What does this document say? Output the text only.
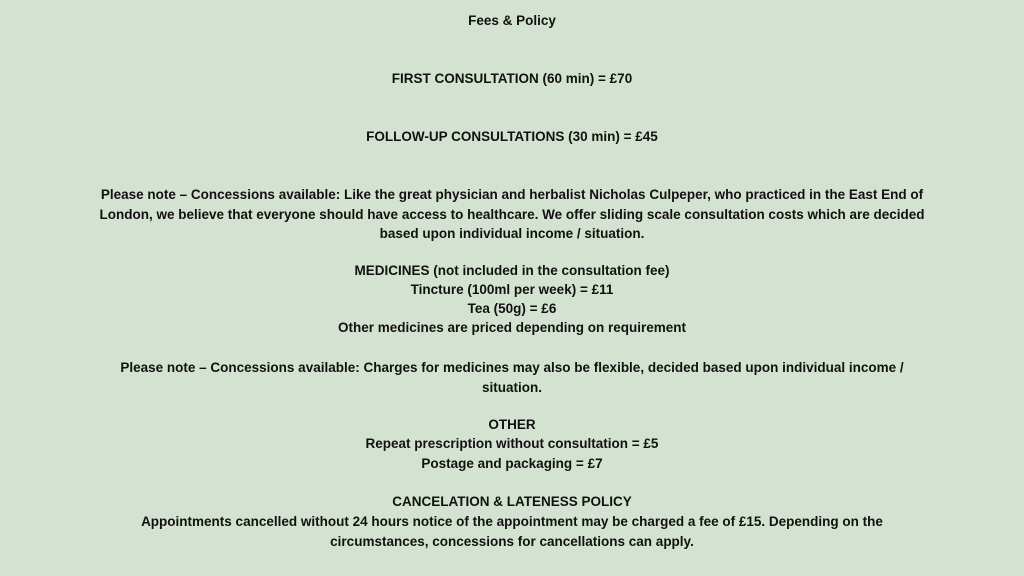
Fees & Policy
FIRST CONSULTATION (60 min) = £70
FOLLOW-UP CONSULTATIONS (30 min) = £45
Please note – Concessions available: Like the great physician and herbalist Nicholas Culpeper, who practiced in the East End of London, we believe that everyone should have access to healthcare. We offer sliding scale consultation costs which are decided based upon individual income / situation.
MEDICINES (not included in the consultation fee)
Tincture (100ml per week) = £11
Tea (50g) = £6
Other medicines are priced depending on requirement
Please note – Concessions available: Charges for medicines may also be flexible, decided based upon individual income / situation.
OTHER
Repeat prescription without consultation = £5
Postage and packaging = £7
CANCELATION & LATENESS POLICY
Appointments cancelled without 24 hours notice of the appointment may be charged a fee of £15. Depending on the circumstances, concessions for cancellations can apply.
